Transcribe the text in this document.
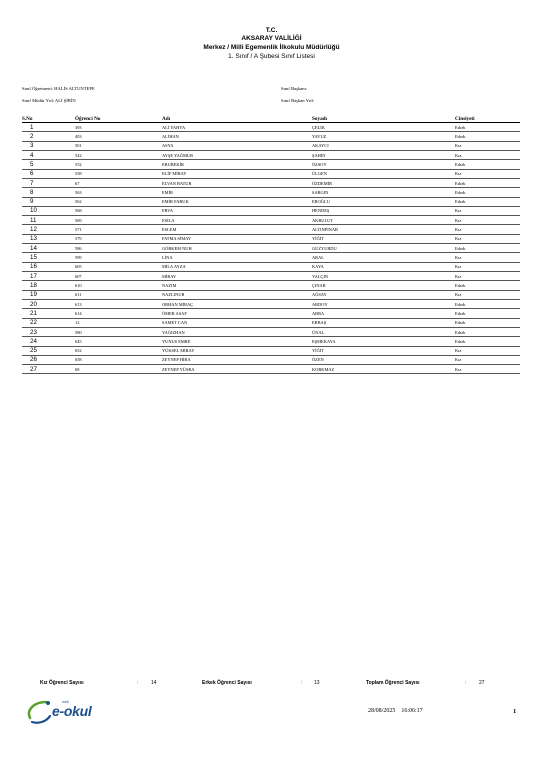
T.C.
AKSARAY VALİLİĞİ
Merkez / Milli Egemenlik İlkokulu Müdürlüğü
1. Sınıf / A Şubesi Sınıf Listesi
Sınıf Öğretmeni: HALİS ALTUNTEPE
Sınıf Müdür Yrd: ALİ ŞİRİN
Sınıf Başkanı:
Sınıf Başkan Yrd:
S.No	Öğrenci No	Adı	Soyadı	Cinsiyeti
1	393	ALİ YAHYA	ÇELİK	Erkek
2	403	ALİHAN	YAVUZ	Erkek
3	501	ASYA	AKAYCI	Kız
4	542	AYŞE YAĞMUR	ŞAHİN	Kız
5	552	EBUBEKİR	ÖZSOY	Erkek
6	558	ELİF MİRAY	ÜLGEN	Kız
7	67	ELVAN BATUR	ÖZDEMİR	Erkek
8	563	EMİR	SARGIN	Erkek
9	562	EMİR FARUK	EROĞLU	Erkek
10	568	ERVA	HENDEŞ	Kız
11	569	ESİLA	AKBULUT	Kız
12	571	ESLEM	ALTINPINAR	Kız
13	579	FATMA SİMAY	YİĞİT	Kız
14	586	GÖRKEM NUH	GÜZYURDU	Erkek
15	599	LİNA	ARAL	Kız
16	605	MİLA AYZA	KAYA	Kız
17	607	MİRAY	YALÇIN	Kız
18	610	NAZIM	ÇINAR	Erkek
19	611	NAZLINUR	AĞSAY	Kız
20	613	ORHAN MİRAÇ	ARDOY	Erkek
21	614	ÖMER ASAF	ABRA	Erkek
22	12	SAMET CAN	ERBAŞ	Erkek
23	580	YAĞIZHAN	ÜNAL	Erkek
24	645	YUNUS EMRE	EŞMEKAYA	Erkek
25	652	YÜKSEL MİRAY	YİĞİT	Kız
26	658	ZEYNEP HİRA	ÖZEN	Kız
27	68	ZEYNEP YÜSRA	KORKMAZ	Kız
Kız Öğrenci Sayısı	:	14	Erkek Öğrenci Sayısı	: 13	Toplam Öğrenci Sayısı	:	27
meb
e-okul	28/08/2025 16:06:17	1
